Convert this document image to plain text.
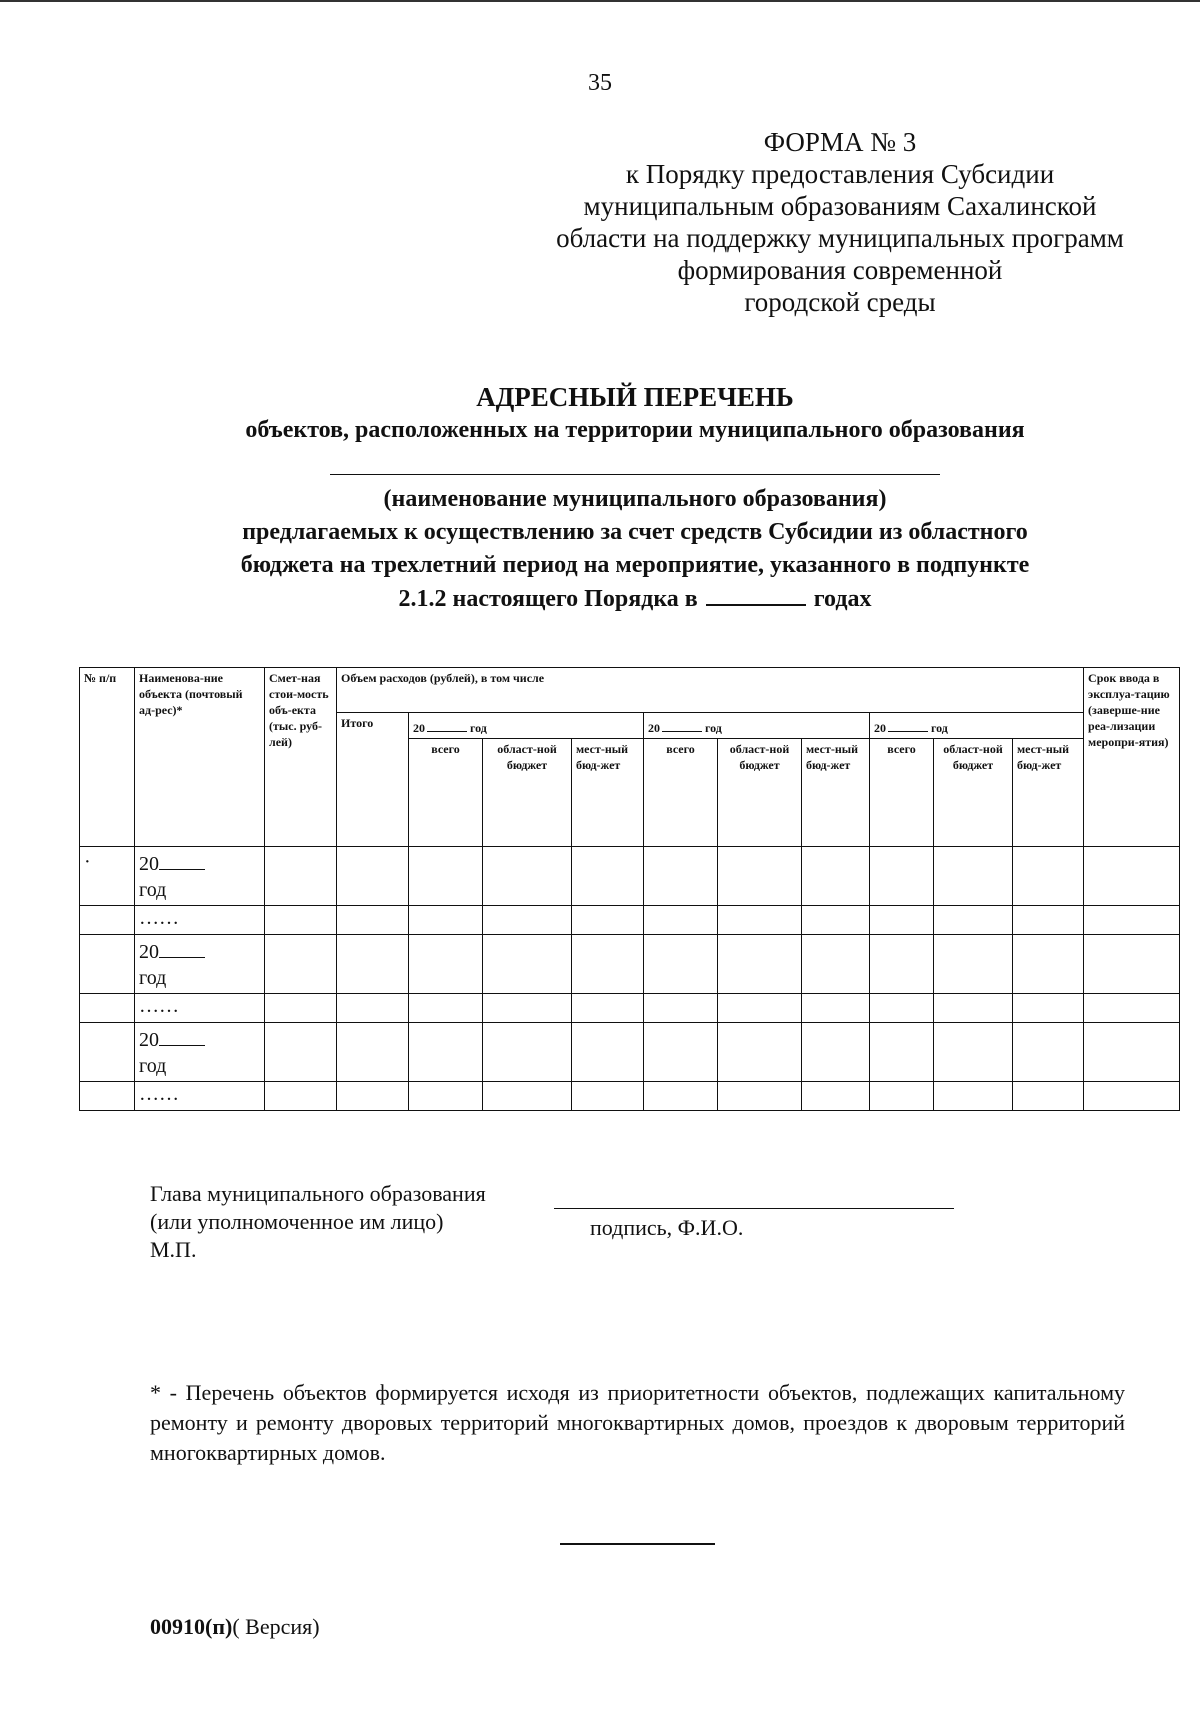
35
ФОРМА № 3
к Порядку предоставления Субсидии
муниципальным образованиям Сахалинской
области на поддержку муниципальных программ
формирования современной
городской среды
АДРЕСНЫЙ ПЕРЕЧЕНЬ
объектов, расположенных на территории муниципального образования
(наименование муниципального образования)
предлагаемых к осуществлению за счет средств Субсидии из областного
бюджета на трехлетний период на мероприятие, указанного в подпункте
2.1.2 настоящего Порядка в	годах
№ п/п	Наименова-ние объекта (почтовый ад-рес)*	Смет-ная стои-мость объ-екта (тыс. руб-лей)	Объем расходов (рублей), в том числе										Срок ввода в эксплуа-тацию (заверше-ние реа-лизации меропри-ятия)
			Итого	20 год			20 год			20 год			
				всего	област-ной бюджет	мест-ный бюд-жет	всего	област-ной бюджет	мест-ный бюд-жет	всего	област-ной бюджет	мест-ный бюд-жет	
·	20
год												
	……												
	20
год												
	……												
	20
год												
	……												
Глава муниципального образования
(или уполномоченное им лицо)
М.П.
подпись, Ф.И.О.
* - Перечень объектов формируется исходя из приоритетности объектов, подлежащих капитальному ремонту и ремонту дворовых территорий многоквартирных домов, проездов к дворовым территорий многоквартирных домов.
00910(п)( Версия)
